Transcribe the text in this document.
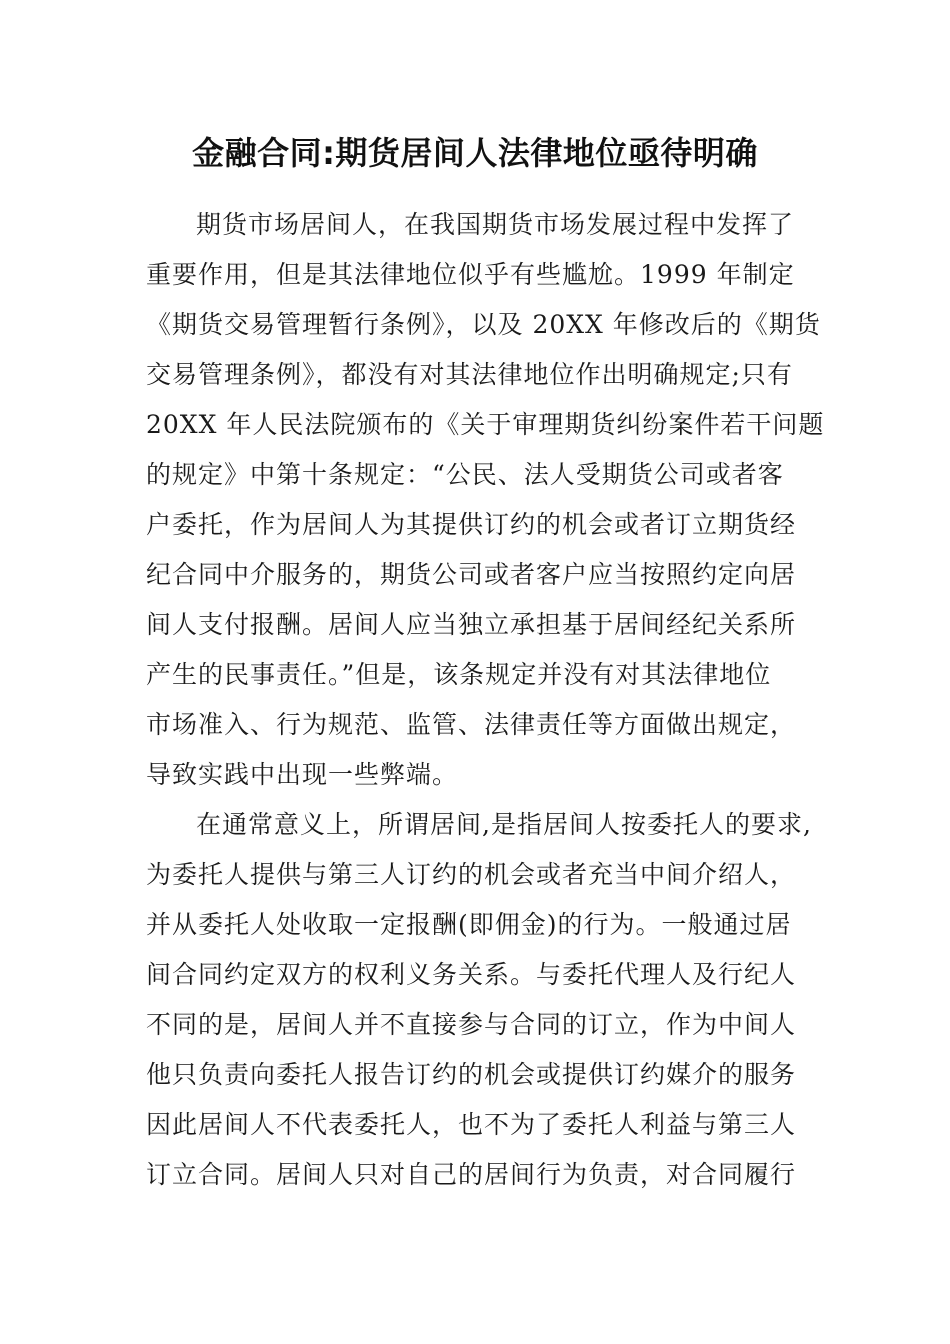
金融合同:期货居间人法律地位亟待明确

期货市场居间人，在我国期货市场发展过程中发挥了
重要作用，但是其法律地位似乎有些尴尬。1999 年制定
《期货交易管理暂行条例》，以及 20XX 年修改后的《期货
交易管理条例》，都没有对其法律地位作出明确规定;只有
20XX 年人民法院颁布的《关于审理期货纠纷案件若干问题
的规定》中第十条规定：“公民、法人受期货公司或者客
户委托，作为居间人为其提供订约的机会或者订立期货经
纪合同中介服务的，期货公司或者客户应当按照约定向居
间人支付报酬。居间人应当独立承担基于居间经纪关系所
产生的民事责任。”但是，该条规定并没有对其法律地位
市场准入、行为规范、监管、法律责任等方面做出规定，
导致实践中出现一些弊端。

在通常意义上，所谓居间,是指居间人按委托人的要求,
为委托人提供与第三人订约的机会或者充当中间介绍人，
并从委托人处收取一定报酬(即佣金)的行为。一般通过居
间合同约定双方的权利义务关系。与委托代理人及行纪人
不同的是，居间人并不直接参与合同的订立，作为中间人
他只负责向委托人报告订约的机会或提供订约媒介的服务
因此居间人不代表委托人，也不为了委托人利益与第三人
订立合同。居间人只对自己的居间行为负责，对合同履行
